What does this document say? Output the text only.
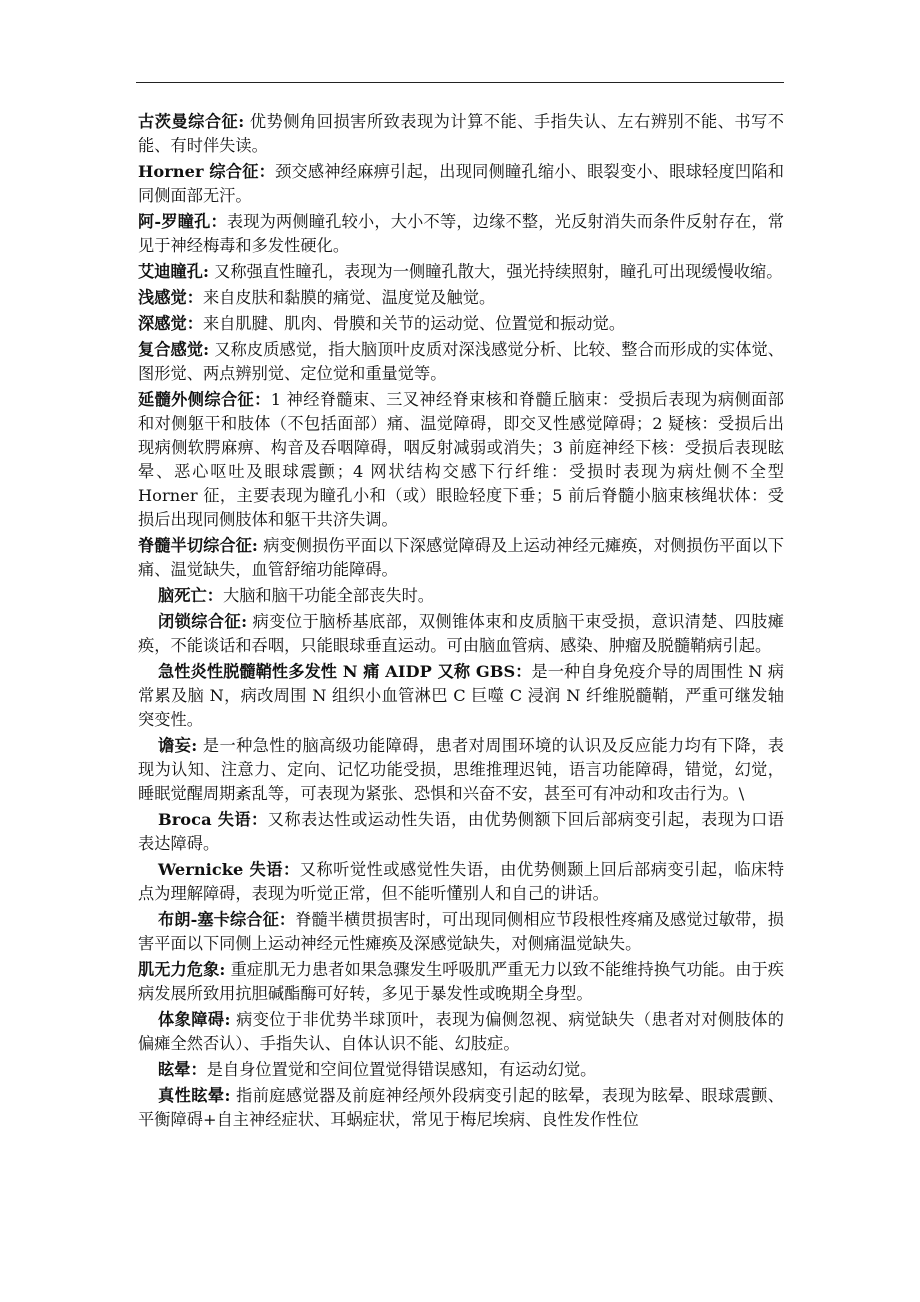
古茨曼综合征: 优势侧角回损害所致表现为计算不能、手指失认、左右辨别不能、书写不能、有时伴失读。

Horner 综合征：颈交感神经麻痹引起，出现同侧瞳孔缩小、眼裂变小、眼球轻度凹陷和同侧面部无汗。

阿-罗瞳孔：表现为两侧瞳孔较小，大小不等，边缘不整，光反射消失而条件反射存在，常见于神经梅毒和多发性硬化。

艾迪瞳孔: 又称强直性瞳孔，表现为一侧瞳孔散大，强光持续照射，瞳孔可出现缓慢收缩。

浅感觉：来自皮肤和黏膜的痛觉、温度觉及触觉。

深感觉：来自肌腱、肌肉、骨膜和关节的运动觉、位置觉和振动觉。

复合感觉: 又称皮质感觉，指大脑顶叶皮质对深浅感觉分析、比较、整合而形成的实体觉、图形觉、两点辨别觉、定位觉和重量觉等。

延髓外侧综合征：1 神经脊髓束、三叉神经脊束核和脊髓丘脑束：受损后表现为病侧面部和对侧躯干和肢体（不包括面部）痛、温觉障碍，即交叉性感觉障碍；2 疑核：受损后出现病侧软腭麻痹、构音及吞咽障碍，咽反射减弱或消失；3 前庭神经下核：受损后表现眩晕、恶心呕吐及眼球震颤；4 网状结构交感下行纤维：受损时表现为病灶侧不全型 Horner 征，主要表现为瞳孔小和（或）眼睑轻度下垂；5 前后脊髓小脑束核绳状体：受损后出现同侧肢体和躯干共济失调。

脊髓半切综合征: 病变侧损伤平面以下深感觉障碍及上运动神经元瘫痪，对侧损伤平面以下痛、温觉缺失，血管舒缩功能障碍。

脑死亡：大脑和脑干功能全部丧失时。

闭锁综合征: 病变位于脑桥基底部，双侧锥体束和皮质脑干束受损，意识清楚、四肢瘫痪，不能谈话和吞咽，只能眼球垂直运动。可由脑血管病、感染、肿瘤及脱髓鞘病引起。

急性炎性脱髓鞘性多发性 N 痛 AIDP 又称 GBS：是一种自身免疫介导的周围性 N 病常累及脑 N，病改周围 N 组织小血管淋巴 C 巨噬 C 浸润 N 纤维脱髓鞘，严重可继发轴突变性。

谵妄: 是一种急性的脑高级功能障碍，患者对周围环境的认识及反应能力均有下降，表现为认知、注意力、定向、记忆功能受损，思维推理迟钝，语言功能障碍，错觉，幻觉，睡眠觉醒周期紊乱等，可表现为紧张、恐惧和兴奋不安，甚至可有冲动和攻击行为。\

Broca 失语：又称表达性或运动性失语，由优势侧额下回后部病变引起，表现为口语表达障碍。

Wernicke 失语：又称听觉性或感觉性失语，由优势侧颞上回后部病变引起，临床特点为理解障碍，表现为听觉正常，但不能听懂别人和自己的讲话。

布朗-塞卡综合征：脊髓半横贯损害时，可出现同侧相应节段根性疼痛及感觉过敏带，损害平面以下同侧上运动神经元性瘫痪及深感觉缺失，对侧痛温觉缺失。

肌无力危象: 重症肌无力患者如果急骤发生呼吸肌严重无力以致不能维持换气功能。由于疾病发展所致用抗胆碱酯酶可好转，多见于暴发性或晚期全身型。

体象障碍: 病变位于非优势半球顶叶，表现为偏侧忽视、病觉缺失（患者对对侧肢体的偏瘫全然否认）、手指失认、自体认识不能、幻肢症。

眩晕：是自身位置觉和空间位置觉得错误感知，有运动幻觉。

真性眩晕: 指前庭感觉器及前庭神经颅外段病变引起的眩晕，表现为眩晕、眼球震颤、平衡障碍+自主神经症状、耳蜗症状，常见于梅尼埃病、良性发作性位
